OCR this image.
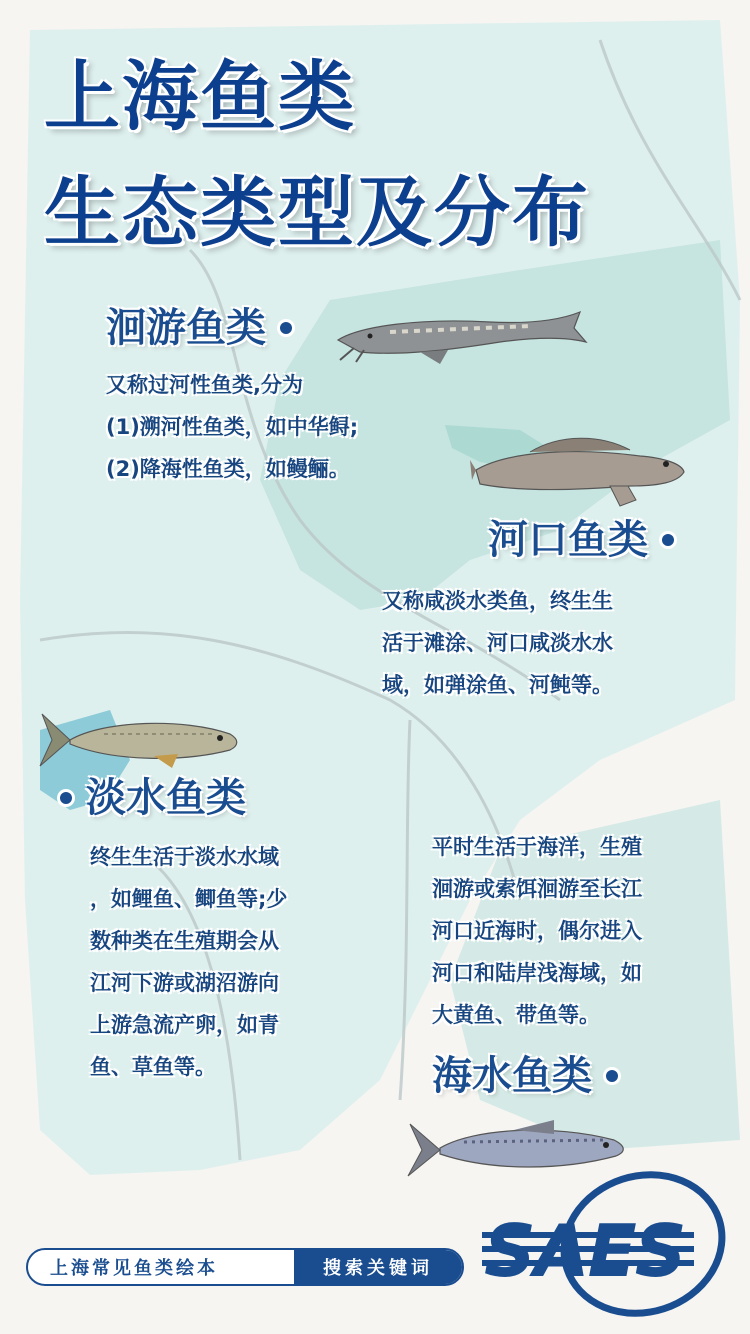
上海鱼类
生态类型及分布
洄游鱼类

又称过河性鱼类,分为
(1)溯河性鱼类，如中华鲟;
(2)降海性鱼类，如鳗鲡。

河口鱼类

又称咸淡水类鱼，终生生
活于滩涂、河口咸淡水水
域，如弹涂鱼、河鲀等。

淡水鱼类

终生生活于淡水水域
，如鲤鱼、鲫鱼等;少
数种类在生殖期会从
江河下游或湖沼游向
上游急流产卵，如青
鱼、草鱼等。

平时生活于海洋，生殖
洄游或索饵洄游至长江
河口近海时，偶尔进入
河口和陆岸浅海域，如
大黄鱼、带鱼等。

海水鱼类
上海常见鱼类绘本	搜索关键词 SAES
